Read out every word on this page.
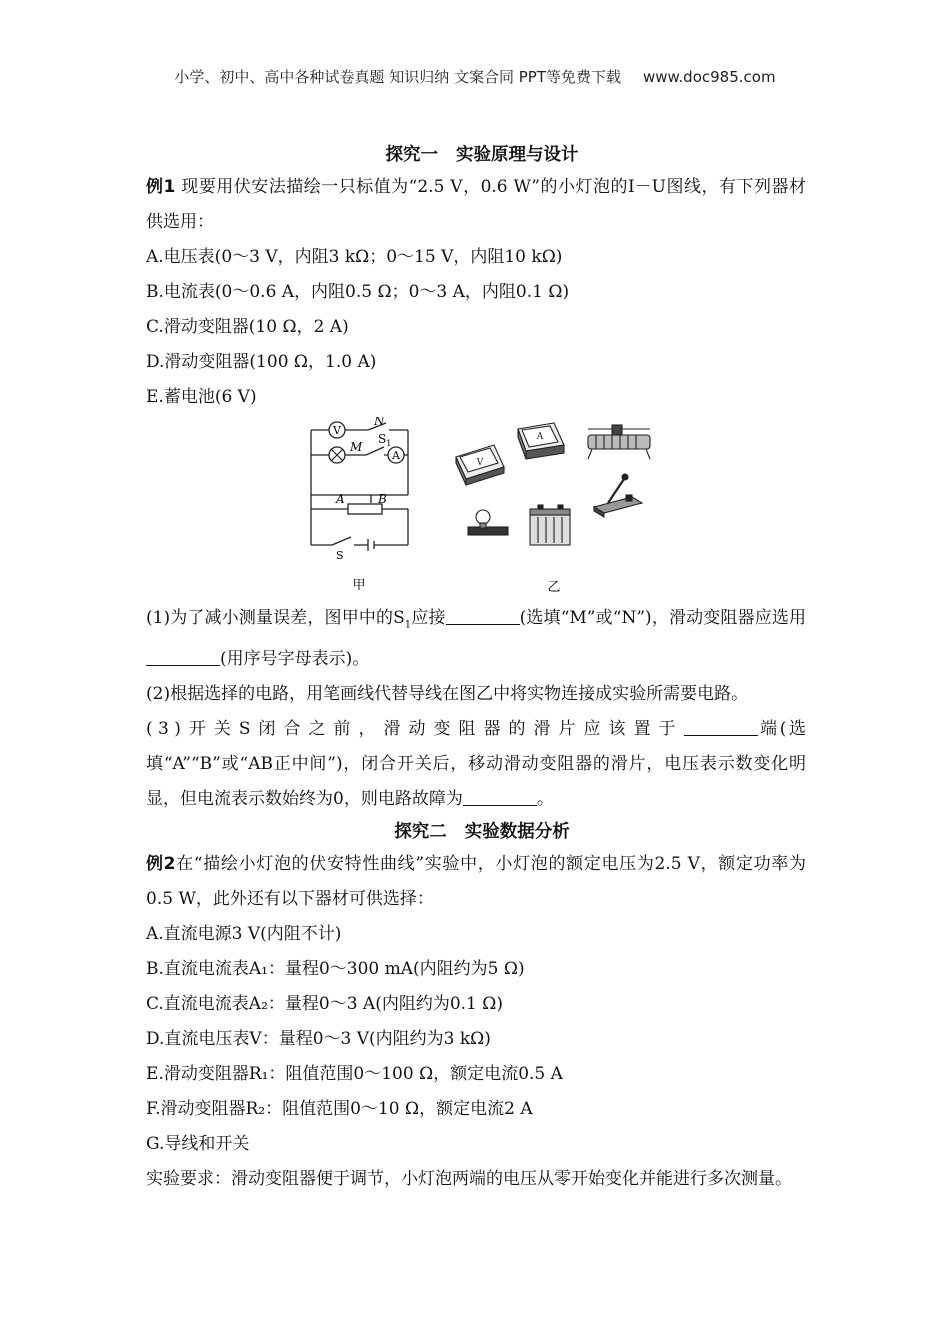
小学、初中、高中各种试卷真题 知识归纳 文案合同 PPT等免费下载 www.doc985.com
探究一 实验原理与设计

例1 现要用伏安法描绘一只标值为“2.5 V，0.6 W”的小灯泡的I－U图线，有下列器材供选用：

A.电压表(0～3 V，内阻3 kΩ；0～15 V，内阻10 kΩ)

B.电流表(0～0.6 A，内阻0.5 Ω；0～3 A，内阻0.1 Ω)

C.滑动变阻器(10 Ω，2 A)

D.滑动变阻器(100 Ω，1.0 A)

E.蓄电池(6 V)

V
A
N
M
$S_1$
A	B
S
甲
V
A
乙

(1)为了减小测量误差，图甲中的$S_1$应接	(选填“M”或“N”)，滑动变阻器应选用(用序号字母表示)。

(2)根据选择的电路，用笔画线代替导线在图乙中将实物连接成实验所需要电路。

(3)开关S闭合之前，滑动变阻器的滑片应该置于	端(选填“A”“B”或“AB正中间”)，闭合开关后，移动滑动变阻器的滑片，电压表示数变化明显，但电流表示数始终为0，则电路故障为	。

探究二 实验数据分析

例2在“描绘小灯泡的伏安特性曲线”实验中，小灯泡的额定电压为2.5 V，额定功率为0.5 W，此外还有以下器材可供选择：

A.直流电源3 V(内阻不计)

B.直流电流表A₁：量程0～300 mA(内阻约为5 Ω)

C.直流电流表A₂：量程0～3 A(内阻约为0.1 Ω)

D.直流电压表V：量程0～3 V(内阻约为3 kΩ)

E.滑动变阻器R₁：阻值范围0～100 Ω，额定电流0.5 A

F.滑动变阻器R₂：阻值范围0～10 Ω，额定电流2 A

G.导线和开关

实验要求：滑动变阻器便于调节，小灯泡两端的电压从零开始变化并能进行多次测量。
